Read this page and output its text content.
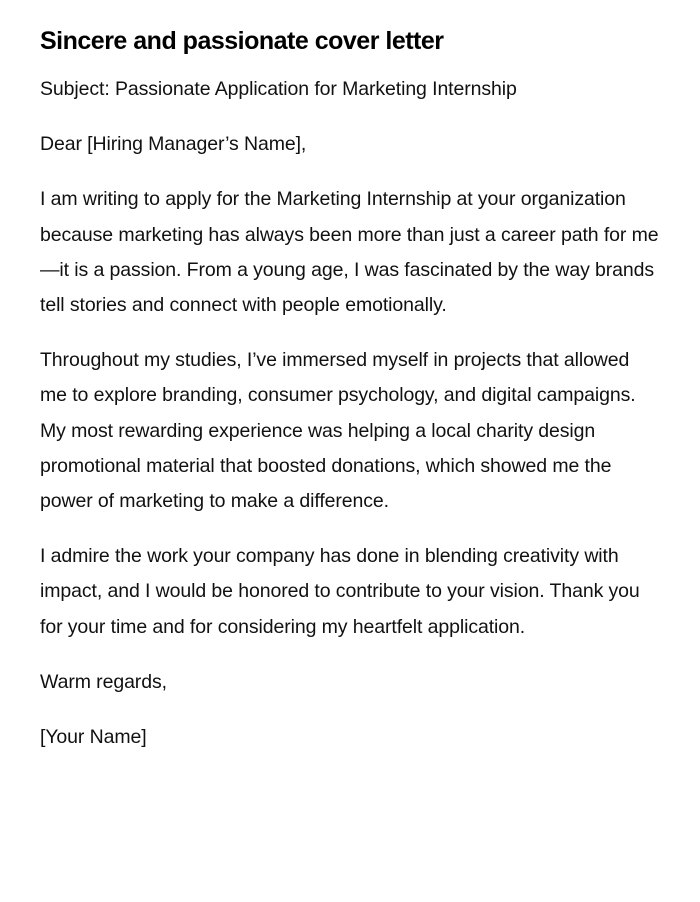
Sincere and passionate cover letter

Subject: Passionate Application for Marketing Internship

Dear [Hiring Manager’s Name],

I am writing to apply for the Marketing Internship at your organization because marketing has always been more than just a career path for me—it is a passion. From a young age, I was fascinated by the way brands tell stories and connect with people emotionally.

Throughout my studies, I’ve immersed myself in projects that allowed me to explore branding, consumer psychology, and digital campaigns. My most rewarding experience was helping a local charity design promotional material that boosted donations, which showed me the power of marketing to make a difference.

I admire the work your company has done in blending creativity with impact, and I would be honored to contribute to your vision. Thank you for your time and for considering my heartfelt application.

Warm regards,

[Your Name]
